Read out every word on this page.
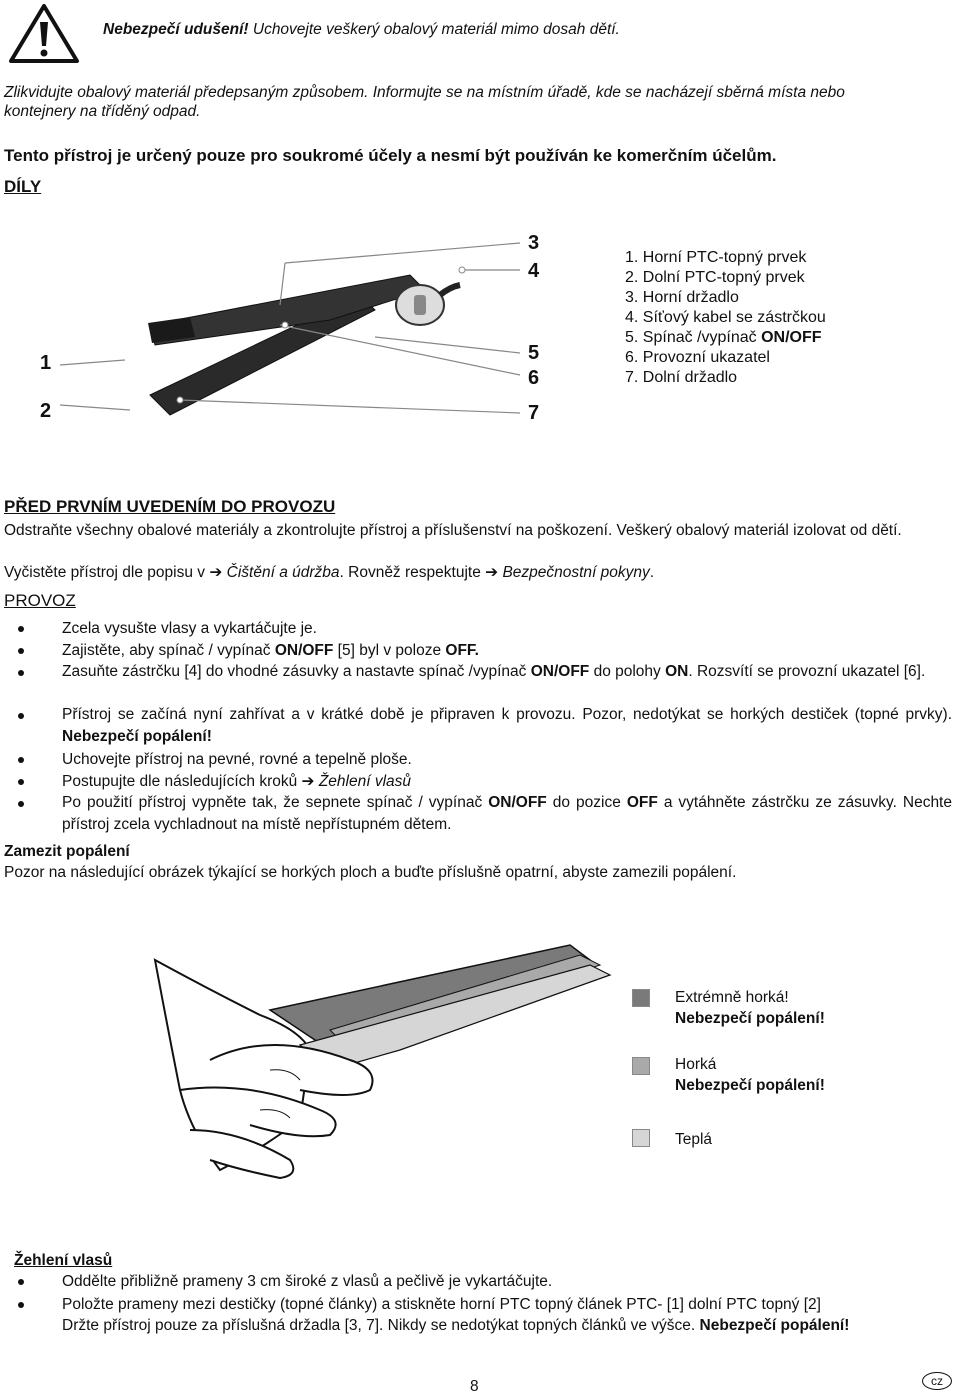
Nebezpečí udušení! Uchovejte veškerý obalový materiál mimo dosah dětí.
Zlikvidujte obalový materiál předepsaným způsobem. Informujte se na místním úřadě, kde se nacházejí sběrná místa nebo
kontejnery na tříděný odpad.
Tento přístroj je určený pouze pro soukromé účely a nesmí být používán ke komerčním účelům.
DÍLY
1
2
3
4
5
6
7
1. Horní PTC-topný prvek
2. Dolní PTC-topný prvek
3. Horní držadlo
4. Síťový kabel se zástrčkou
5. Spínač /vypínač ON/OFF
6. Provozní ukazatel
7. Dolní držadlo
PŘED PRVNÍM UVEDENÍM DO PROVOZU
Odstraňte všechny obalové materiály a zkontrolujte přístroj a příslušenství na poškození. Veškerý obalový materiál izolovat od dětí.
Vyčistěte přístroj dle popisu v ➔ Čištění a údržba. Rovněž respektujte ➔ Bezpečnostní pokyny.
PROVOZ
Zcela vysušte vlasy a vykartáčujte je.
Zajistěte, aby spínač / vypínač ON/OFF [5] byl v poloze OFF.
Zasuňte zástrčku [4] do vhodné zásuvky a nastavte spínač /vypínač ON/OFF do polohy ON. Rozsvítí se provozní ukazatel [6].
Přístroj se začíná nyní zahřívat a v krátké době je připraven k provozu. Pozor, nedotýkat se horkých destiček (topné prvky). Nebezpečí popálení!
Uchovejte přístroj na pevné, rovné a tepelně ploše.
Postupujte dle následujících kroků ➔ Žehlení vlasů
Po použití přístroj vypněte tak, že sepnete spínač / vypínač ON/OFF do pozice OFF a vytáhněte zástrčku ze zásuvky. Nechte přístroj zcela vychladnout na místě nepřístupném dětem.
Zamezit popálení
Pozor na následující obrázek týkající se horkých ploch a buďte příslušně opatrní, abyste zamezili popálení.
Extrémně horká!
Nebezpečí popálení!
Horká
Nebezpečí popálení!
Teplá
Žehlení vlasů
Oddělte přibližně prameny 3 cm široké z vlasů a pečlivě je vykartáčujte.
Položte prameny mezi destičky (topné články) a stiskněte horní PTC topný článek PTC- [1] dolní PTC topný [2]
Držte přístroj pouze za příslušná držadla [3, 7]. Nikdy se nedotýkat topných článků ve výšce. Nebezpečí popálení!
8	cz
